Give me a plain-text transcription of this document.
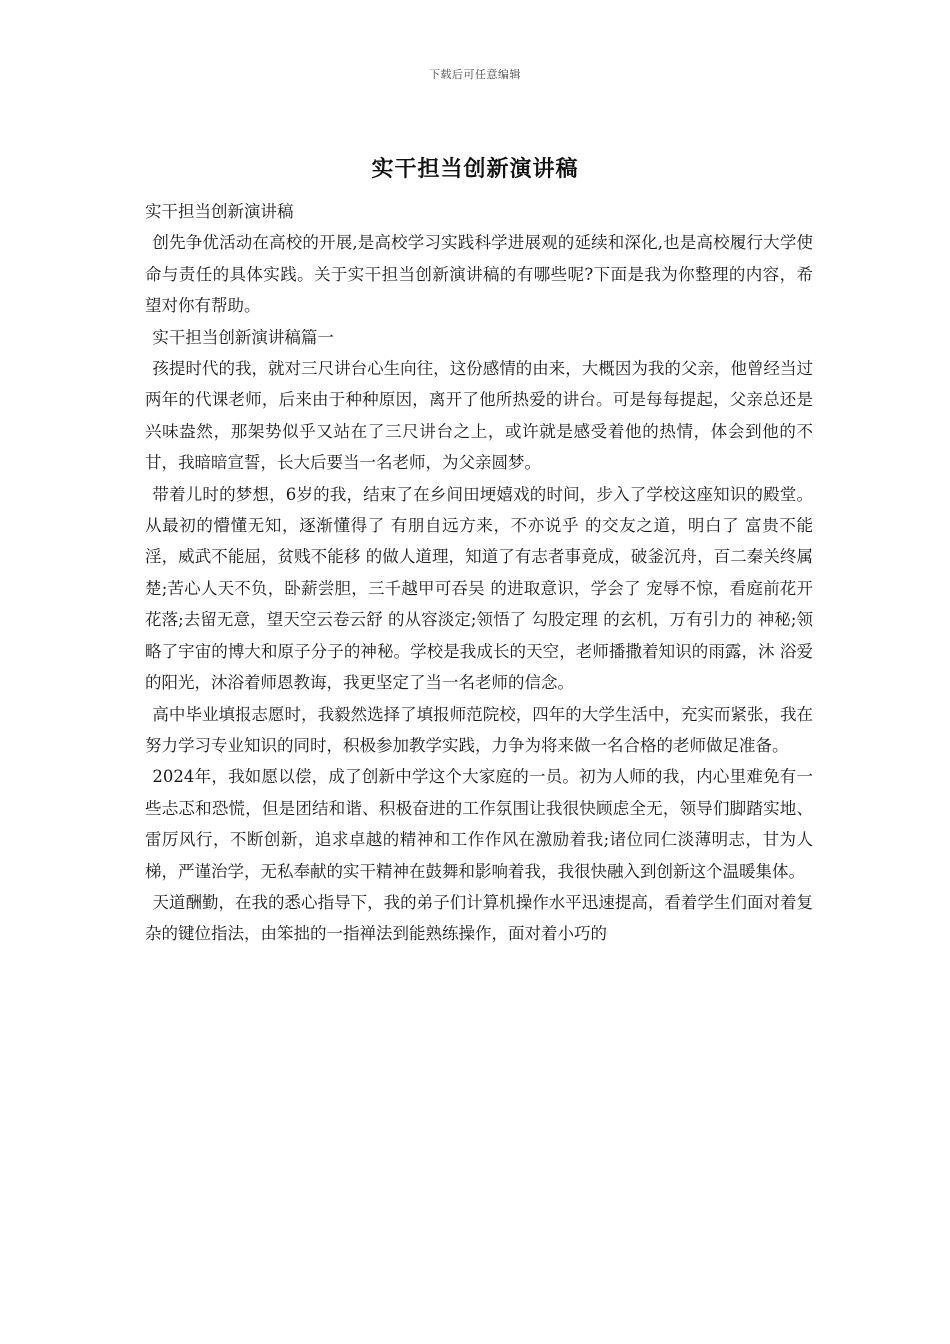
下载后可任意编辑
实干担当创新演讲稿

实干担当创新演讲稿

创先争优活动在高校的开展,是高校学习实践科学进展观的延续和深化,也是高校履行大学使命与责任的具体实践。关于实干担当创新演讲稿的有哪些呢?下面是我为你整理的内容，希望对你有帮助。

实干担当创新演讲稿篇一

孩提时代的我，就对三尺讲台心生向往，这份感情的由来，大概因为我的父亲，他曾经当过两年的代课老师，后来由于种种原因，离开了他所热爱的讲台。可是每每提起，父亲总还是兴味盎然，那架势似乎又站在了三尺讲台之上，或许就是感受着他的热情，体会到他的不甘，我暗暗宣誓，长大后要当一名老师，为父亲圆梦。

带着儿时的梦想，6岁的我，结束了在乡间田埂嬉戏的时间，步入了学校这座知识的殿堂。从最初的懵懂无知，逐渐懂得了 有朋自远方来，不亦说乎 的交友之道，明白了 富贵不能淫，威武不能屈，贫贱不能移 的做人道理，知道了有志者事竟成，破釜沉舟，百二秦关终属楚;苦心人天不负，卧薪尝胆，三千越甲可吞吴 的进取意识，学会了 宠辱不惊，看庭前花开花落;去留无意，望天空云卷云舒 的从容淡定;领悟了 勾股定理 的玄机，万有引力的 神秘;领略了宇宙的博大和原子分子的神秘。学校是我成长的天空，老师播撒着知识的雨露，沐 浴爱的阳光，沐浴着师恩教诲，我更坚定了当一名老师的信念。

高中毕业填报志愿时，我毅然选择了填报师范院校，四年的大学生活中，充实而紧张，我在努力学习专业知识的同时，积极参加教学实践，力争为将来做一名合格的老师做足准备。

2024年，我如愿以偿，成了创新中学这个大家庭的一员。初为人师的我，内心里难免有一些忐忑和恐慌，但是团结和谐、积极奋进的工作氛围让我很快顾虑全无，领导们脚踏实地、雷厉风行，不断创新，追求卓越的精神和工作作风在激励着我;诸位同仁淡薄明志，甘为人梯，严谨治学，无私奉献的实干精神在鼓舞和影响着我，我很快融入到创新这个温暖集体。

天道酬勤，在我的悉心指导下，我的弟子们计算机操作水平迅速提高，看着学生们面对着复杂的键位指法，由笨拙的一指禅法到能熟练操作，面对着小巧的
